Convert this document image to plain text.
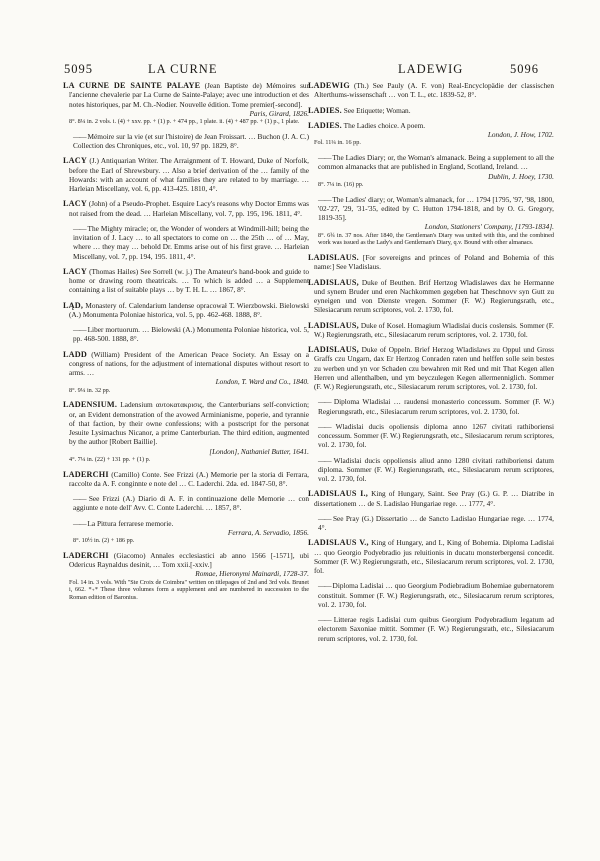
5095	LA CURNE	LADEWIG	5096
LA CURNE DE SAINTE PALAYE (Jean Baptiste de) Mémoires sur l'ancienne chevalerie par La Curne de Sainte-Palaye; avec une introduction et des notes historiques, par M. Ch.-Nodier. Nouvelle édition. Tome premier[-second].
Paris, Girard, 1826.
8°. 8¼ in. 2 vols. i. (4) + xxv. pp. + (1) p. + 474 pp., 1 plate. ii. (4) + 487 pp. + (1) p., 1 plate.
—— Mémoire sur la vie (et sur l'histoire) de Jean Froissart. … Buchon (J. A. C.) Collection des Chroniques, etc., vol. 10, 97 pp. 1829, 8°.
LACY (J.) Antiquarian Writer. The Arraignment of T. Howard, Duke of Norfolk, before the Earl of Shrewsbury. … Also a brief derivation of the … family of the Howards: with an account of what families they are related to by marriage. … Harleian Miscellany, vol. 6, pp. 413-425. 1810, 4°.
LACY (John) of a Pseudo-Prophet. Esquire Lacy's reasons why Doctor Emms was not raised from the dead. … Harleian Miscellany, vol. 7, pp. 195, 196. 1811, 4°.
—— The Mighty miracle; or, the Wonder of wonders at Windmill-hill; being the invitation of J. Lacy … to all spectators to come on … the 25th … of … May, where … they may … behold Dr. Emms arise out of his first grave. … Harleian Miscellany, vol. 7, pp. 194, 195. 1811, 4°.
LACY (Thomas Hailes) See Sorrell (w. j.) The Amateur's hand-book and guide to home or drawing room theatricals. … To which is added … a Supplement containing a list of suitable plays … by T. H. L. … 1867, 8°.
LĄD, Monastery of. Calendarium landense opracował T. Wierzbowski. Bielowski (A.) Monumenta Poloniae historica, vol. 5, pp. 462-468. 1888, 8°.
—— Liber mortuorum. … Bielowski (A.) Monumenta Poloniae historica, vol. 5, pp. 468-500. 1888, 8°.
LADD (William) President of the American Peace Society. An Essay on a congress of nations, for the adjustment of international disputes without resort to arms. …
London, T. Ward and Co., 1840.
8°. 9¼ in. 32 pp.
LADENSIUM. Ladensium αυτοκατακρισις, the Canterburians self-conviction; or, an Evident demonstration of the avowed Arminianisme, poperie, and tyrannie of that faction, by their owne confessions; with a postscript for the personat Jesuite Lysimachus Nicanor, a prime Canterburian. The third edition, augmented by the author [Robert Baillie].
[London], Nathaniel Butter, 1641.
4°. 7¼ in. (22) + 131 pp. + (1) p.
LADERCHI (Camillo) Conte. See Frizzi (A.) Memorie per la storia di Ferrara, raccolte da A. F. conginnte e note del … C. Laderchi. 2da. ed. 1847-50, 8°.
—— See Frizzi (A.) Diario di A. F. in continuazione delle Memorie … con aggiunte e note dell' Avv. C. Conte Laderchi. … 1857, 8°.
—— La Pittura ferrarese memorie.
Ferrara, A. Servadio, 1856.
8°. 10½ in. (2) + 186 pp.
LADERCHI (Giacomo) Annales ecclesiastici ab anno 1566 [-1571], ubi Odericus Raynaldus desinit, … Tom xxii.[-xxiv.]
Romae, Hieronymi Mainardi, 1728-37.
Fol. 14 in. 3 vols. With "Ste Croix de Coimbra" written on titlepages of 2nd and 3rd vols. Brunet i, 662. *₊* These three volumes form a supplement and are numbered in succession to the Roman edition of Baronius.
LADEWIG (Th.) See Pauly (A. F. von) Real-Encyclopädie der classischen Alterthums-wissenschaft … von T. L., etc. 1839-52, 8°.
LADIES. See Etiquette; Woman.
LADIES. The Ladies choice. A poem.
London, J. How, 1702.
Fol. 11¼ in. 16 pp.
—— The Ladies Diary; or, the Woman's almanack. Being a supplement to all the common almanacks that are published in England, Scotland, Ireland. …
Dublin, J. Hoey, 1730.
8°. 7¼ in. (16) pp.
—— The Ladies' diary; or, Woman's almanack, for … 1794 [1795, '97, '98, 1800, '02-'27, '29, '31-'35, edited by C. Hutton 1794-1818, and by O. G. Gregory, 1819-35].
London, Stationers' Company, [1793-1834].
8°. 6¾ in. 37 nos. After 1840, the Gentleman's Diary was united with this, and the combined work was issued as the Lady's and Gentleman's Diary, q.v. Bound with other almanacs.
LADISLAUS. [For sovereigns and princes of Poland and Bohemia of this name:] See Vladislaus.
LADISLAUS, Duke of Beuthen. Brif Hertzog Wladislawes dax he Hermanne und synem Bruder und eren Nachkommen gegeben hat Theschnovv syn Gutt zu eyneigen und von Dienste vregen. Sommer (F. W.) Regierungsrath, etc., Silesiacarum rerum scriptores, vol. 2. 1730, fol.
LADISLAUS, Duke of Kosel. Homagium Wladislai ducis coslensis. Sommer (F. W.) Regierungsrath, etc., Silesiacarum rerum scriptores, vol. 2. 1730, fol.
LADISLAUS, Duke of Oppeln. Brief Herzog Wladislaws zu Oppul und Gross Graffs czu Ungarn, dax Er Hertzog Conraden raten und helffen solle sein bestes zu werben und yn vor Schaden czu bewahren mit Red und mit That Kegen allen Herren und allenthalben, und ym beyczulegen Kegen allermenniglich. Sommer (F. W.) Regierungsrath, etc., Silesiacarum rerum scriptores, vol. 2. 1730, fol.
—— Diploma Wladislai … raudensi monasterio concessum. Sommer (F. W.) Regierungsrath, etc., Silesiacarum rerum scriptores, vol. 2. 1730, fol.
—— Wladislai ducis opoliensis diploma anno 1267 civitati rathiboriensi concessum. Sommer (F. W.) Regierungsrath, etc., Silesiacarum rerum scriptores, vol. 2. 1730, fol.
—— Wladislai ducis oppoliensis aliud anno 1280 civitati rathiboriensi datum diploma. Sommer (F. W.) Regierungsrath, etc., Silesiacarum rerum scriptores, vol. 2. 1730, fol.
LADISLAUS I., King of Hungary, Saint. See Pray (G.) G. P. … Diatribe in dissertationem … de S. Ladislao Hungariae rege. … 1777, 4°.
—— See Pray (G.) Dissertatio … de Sancto Ladislao Hungariae rege. … 1774, 4°.
LADISLAUS V., King of Hungary, and I., King of Bohemia. Diploma Ladislai … quo Georgio Podyebradio jus reluitionis in ducatu monsterbergensi concedit. Sommer (F. W.) Regierungsrath, etc., Silesiacarum rerum scriptores, vol. 2. 1730, fol.
—— Diploma Ladislai … quo Georgium Podiebradium Bohemiae gubernatorem constituit. Sommer (F. W.) Regierungsrath, etc., Silesiacarum rerum scriptores, vol. 2. 1730, fol.
—— Litterae regis Ladislai cum quibus Georgium Podyebradium legatum ad electorem Saxoniae mittit. Sommer (F. W.) Regierungsrath, etc., Silesiacarum rerum scriptores, vol. 2. 1730, fol.
